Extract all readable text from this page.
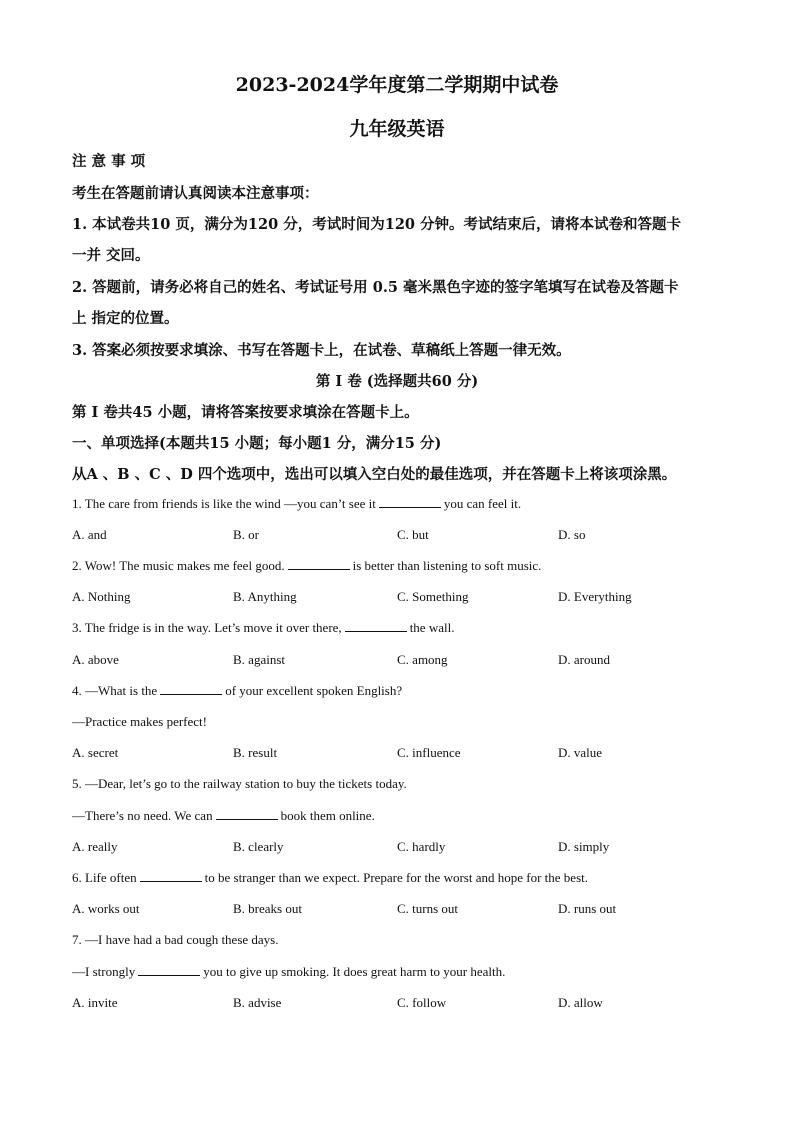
2023-2024学年度第二学期期中试卷
九年级英语
注 意 事 项
考生在答题前请认真阅读本注意事项：
1. 本试卷共10 页，满分为120 分，考试时间为120 分钟。考试结束后，请将本试卷和答题卡
一并 交回。
2. 答题前，请务必将自己的姓名、考试证号用 0.5 毫米黑色字迹的签字笔填写在试卷及答题卡
上 指定的位置。
3. 答案必须按要求填涂、书写在答题卡上，在试卷、草稿纸上答题一律无效。
第 I 卷 (选择题共60 分)
第 I 卷共45 小题，请将答案按要求填涂在答题卡上。
一、单项选择(本题共15 小题；每小题1 分，满分15 分)
从A 、B 、C 、D 四个选项中，选出可以填入空白处的最佳选项，并在答题卡上将该项涂黑。
1. The care from friends is like the wind —you can’t see it	you can feel it.
A. and	B. or	C. but	D. so
2. Wow! The music makes me feel good.	is better than listening to soft music.
A. Nothing	B. Anything	C. Something	D. Everything
3. The fridge is in the way. Let’s move it over there,	the wall.
A. above	B. against	C. among	D. around
4. —What is the	of your excellent spoken English?
—Practice makes perfect!
A. secret	B. result	C. influence	D. value
5. —Dear, let’s go to the railway station to buy the tickets today.
—There’s no need. We can	book them online.
A. really	B. clearly	C. hardly	D. simply
6. Life often	to be stranger than we expect. Prepare for the worst and hope for the best.
A. works out	B. breaks out	C. turns out	D. runs out
7. —I have had a bad cough these days.
—I strongly	you to give up smoking. It does great harm to your health.
A. invite	B. advise	C. follow	D. allow
